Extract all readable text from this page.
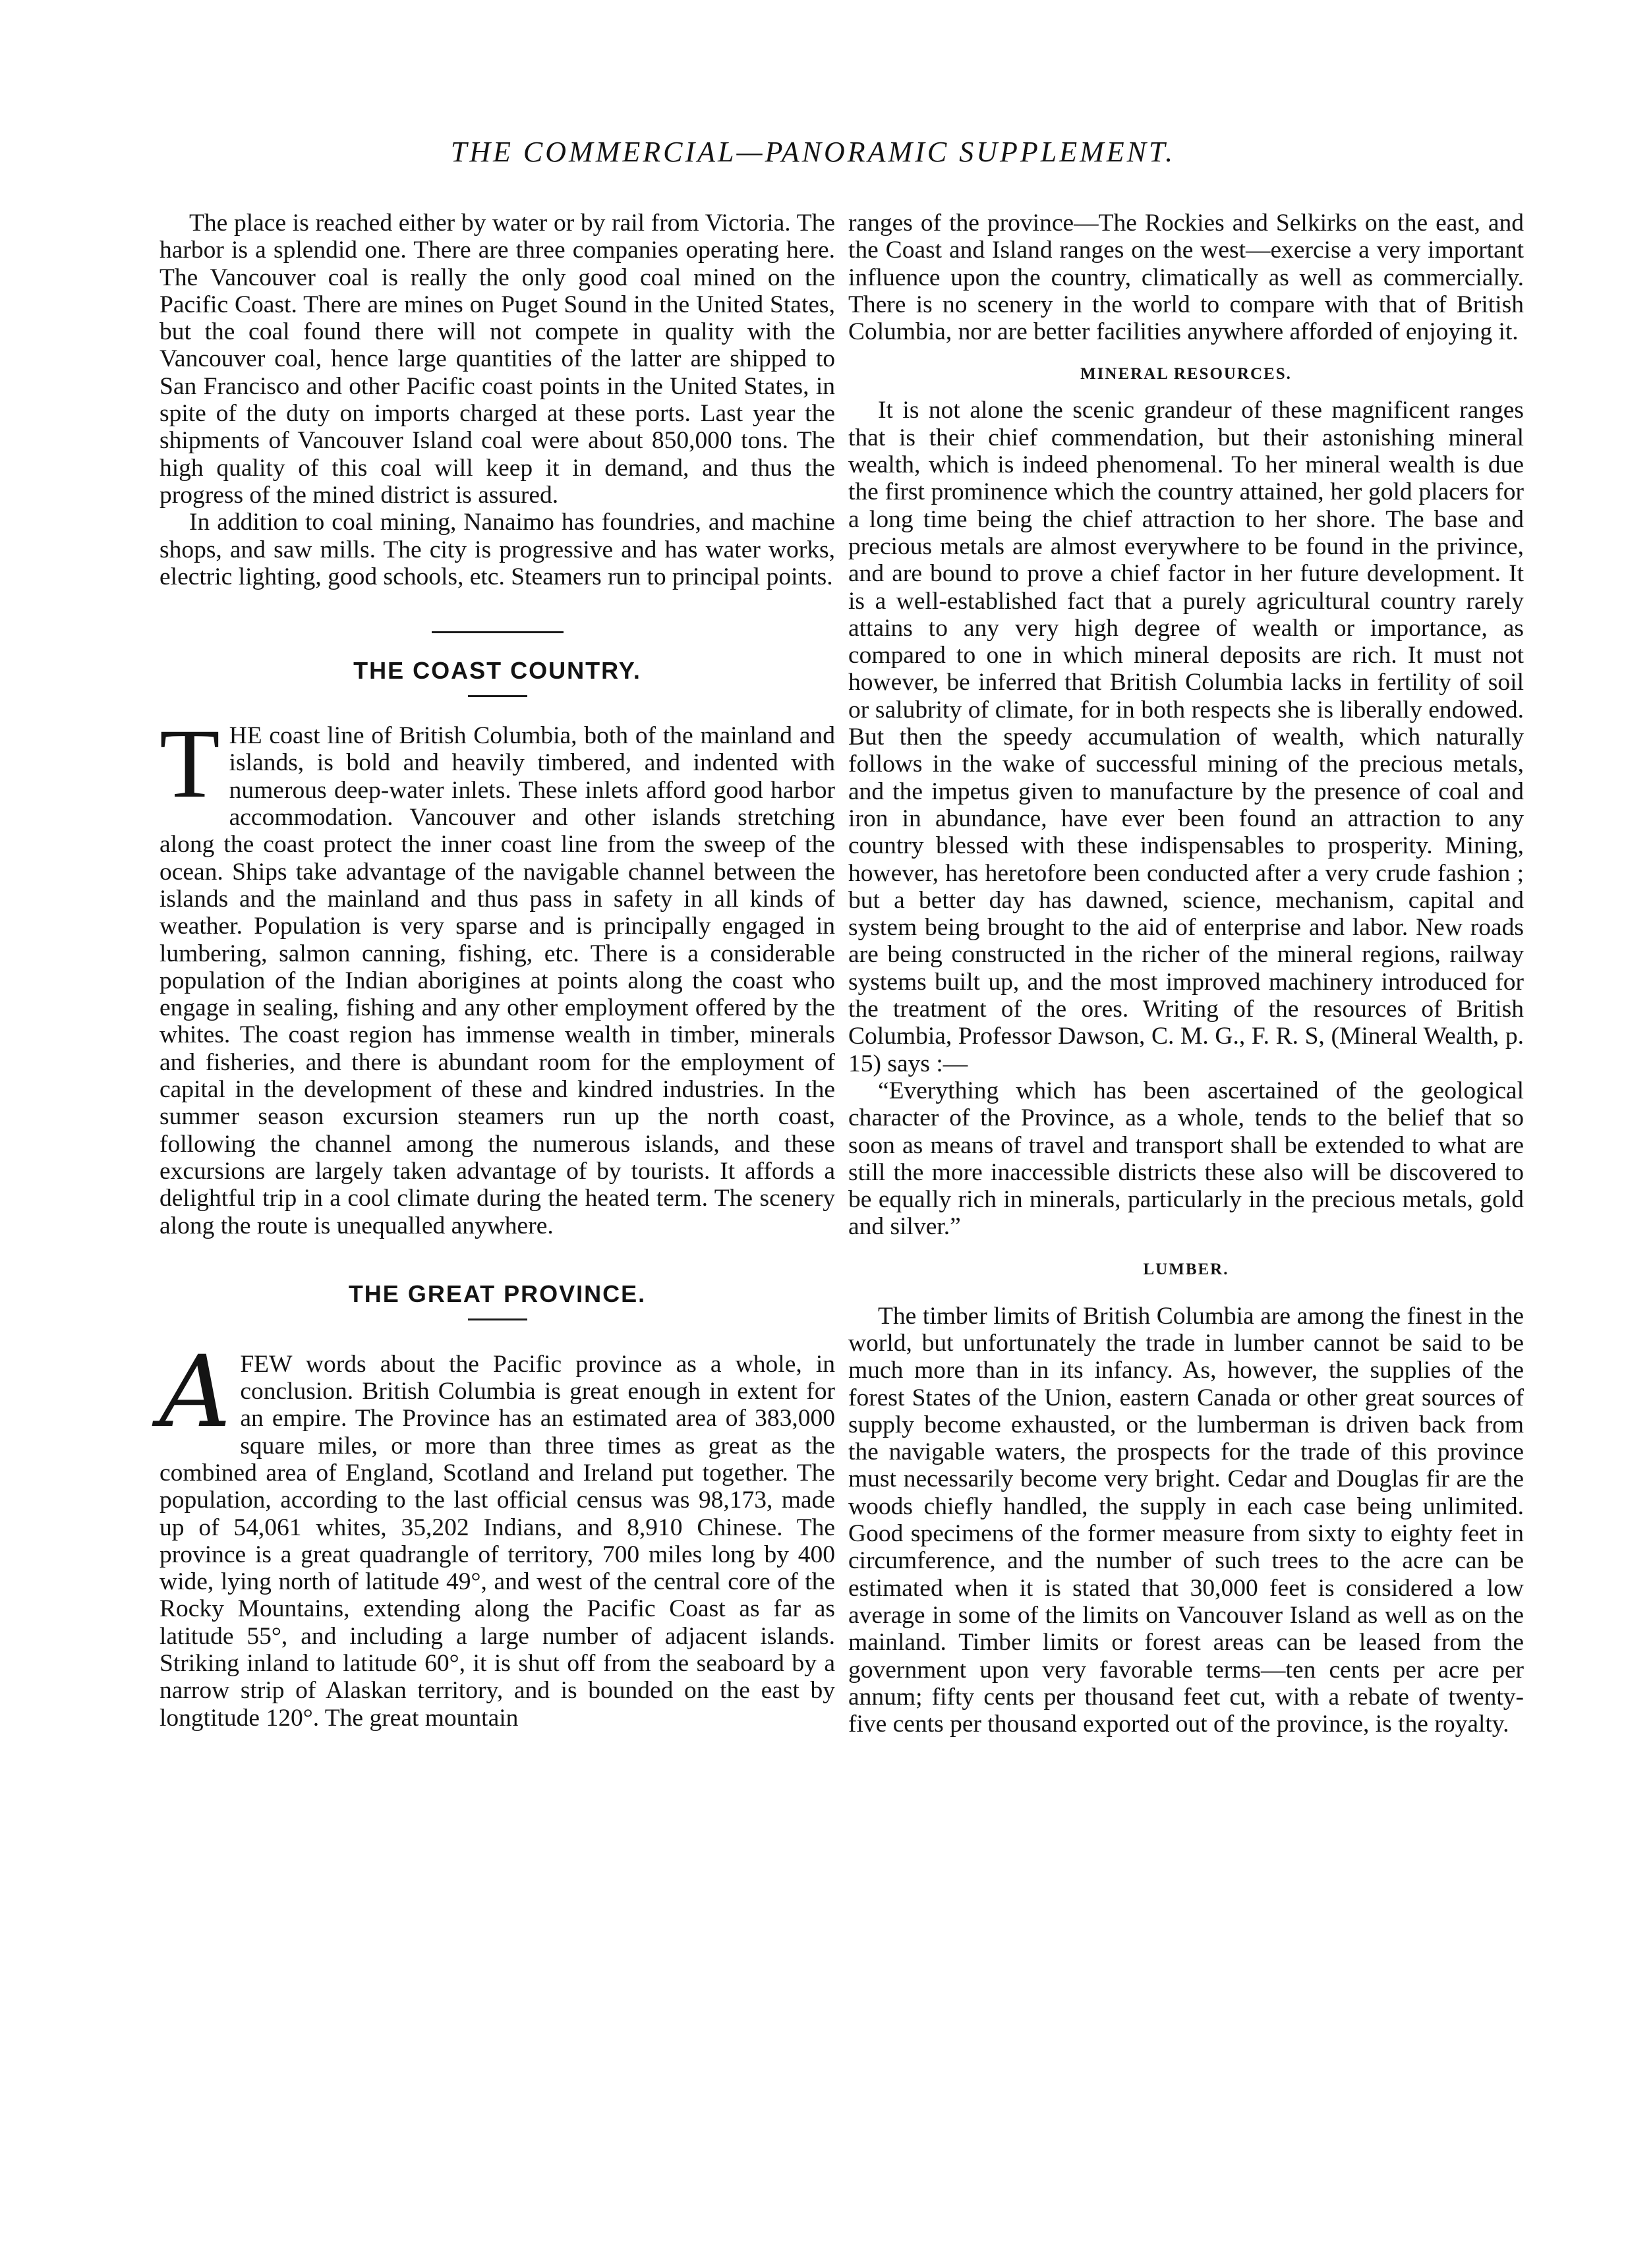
THE COMMERCIAL—PANORAMIC SUPPLEMENT.

The place is reached either by water or by rail from Victoria. The harbor is a splendid one. There are three companies operating here. The Vancouver coal is really the only good coal mined on the Pacific Coast. There are mines on Puget Sound in the United States, but the coal found there will not compete in quality with the Vancouver coal, hence large quantities of the latter are shipped to San Francisco and other Pacific coast points in the United States, in spite of the duty on imports charged at these ports. Last year the shipments of Vancouver Island coal were about 850,000 tons. The high quality of this coal will keep it in demand, and thus the progress of the mined district is assured.

In addition to coal mining, Nanaimo has foundries, and machine shops, and saw mills. The city is progressive and has water works, electric lighting, good schools, etc. Steamers run to principal points.

THE COAST COUNTRY.

THE coast line of British Columbia, both of the mainland and islands, is bold and heavily timbered, and indented with numerous deep-water inlets. These inlets afford good harbor accommodation. Vancouver and other islands stretching along the coast protect the inner coast line from the sweep of the ocean. Ships take advantage of the navigable channel between the islands and the mainland and thus pass in safety in all kinds of weather. Population is very sparse and is principally engaged in lumbering, salmon canning, fishing, etc. There is a considerable population of the Indian aborigines at points along the coast who engage in sealing, fishing and any other employment offered by the whites. The coast region has immense wealth in timber, minerals and fisheries, and there is abundant room for the employment of capital in the development of these and kindred industries. In the summer season excursion steamers run up the north coast, following the channel among the numerous islands, and these excursions are largely taken advantage of by tourists. It affords a delightful trip in a cool climate during the heated term. The scenery along the route is unequalled anywhere.

THE GREAT PROVINCE.

AFEW words about the Pacific province as a whole, in conclusion. British Columbia is great enough in extent for an empire. The Province has an estimated area of 383,000 square miles, or more than three times as great as the combined area of England, Scotland and Ireland put together. The population, according to the last official census was 98,173, made up of 54,061 whites, 35,202 Indians, and 8,910 Chinese. The province is a great quadrangle of territory, 700 miles long by 400 wide, lying north of latitude 49°, and west of the central core of the Rocky Mountains, extending along the Pacific Coast as far as latitude 55°, and including a large number of adjacent islands. Striking inland to latitude 60°, it is shut off from the seaboard by a narrow strip of Alaskan territory, and is bounded on the east by longtitude 120°. The great mountain

ranges of the province—The Rockies and Selkirks on the east, and the Coast and Island ranges on the west—exercise a very important influence upon the country, climatically as well as commercially. There is no scenery in the world to compare with that of British Columbia, nor are better facilities anywhere afforded of enjoying it.

MINERAL RESOURCES.

It is not alone the scenic grandeur of these magnificent ranges that is their chief commendation, but their astonishing mineral wealth, which is indeed phenomenal. To her mineral wealth is due the first prominence which the country attained, her gold placers for a long time being the chief attraction to her shore. The base and precious metals are almost everywhere to be found in the privince, and are bound to prove a chief factor in her future development. It is a well-established fact that a purely agricultural country rarely attains to any very high degree of wealth or importance, as compared to one in which mineral deposits are rich. It must not however, be inferred that British Columbia lacks in fertility of soil or salubrity of climate, for in both respects she is liberally endowed. But then the speedy accumulation of wealth, which naturally follows in the wake of successful mining of the precious metals, and the impetus given to manufacture by the presence of coal and iron in abundance, have ever been found an attraction to any country blessed with these indispensables to prosperity. Mining, however, has heretofore been conducted after a very crude fashion ; but a better day has dawned, science, mechanism, capital and system being brought to the aid of enterprise and labor. New roads are being constructed in the richer of the mineral regions, railway systems built up, and the most improved machinery introduced for the treatment of the ores. Writing of the resources of British Columbia, Professor Dawson, C. M. G., F. R. S, (Mineral Wealth, p. 15) says :—

“Everything which has been ascertained of the geological character of the Province, as a whole, tends to the belief that so soon as means of travel and transport shall be extended to what are still the more inaccessible districts these also will be discovered to be equally rich in minerals, particularly in the precious metals, gold and silver.”

LUMBER.

The timber limits of British Columbia are among the finest in the world, but unfortunately the trade in lumber cannot be said to be much more than in its infancy. As, however, the supplies of the forest States of the Union, eastern Canada or other great sources of supply become exhausted, or the lumberman is driven back from the navigable waters, the prospects for the trade of this province must necessarily become very bright. Cedar and Douglas fir are the woods chiefly handled, the supply in each case being unlimited. Good specimens of the former measure from sixty to eighty feet in circumference, and the number of such trees to the acre can be estimated when it is stated that 30,000 feet is considered a low average in some of the limits on Vancouver Island as well as on the mainland. Timber limits or forest areas can be leased from the government upon very favorable terms—ten cents per acre per annum; fifty cents per thousand feet cut, with a rebate of twenty-five cents per thousand exported out of the province, is the royalty.
